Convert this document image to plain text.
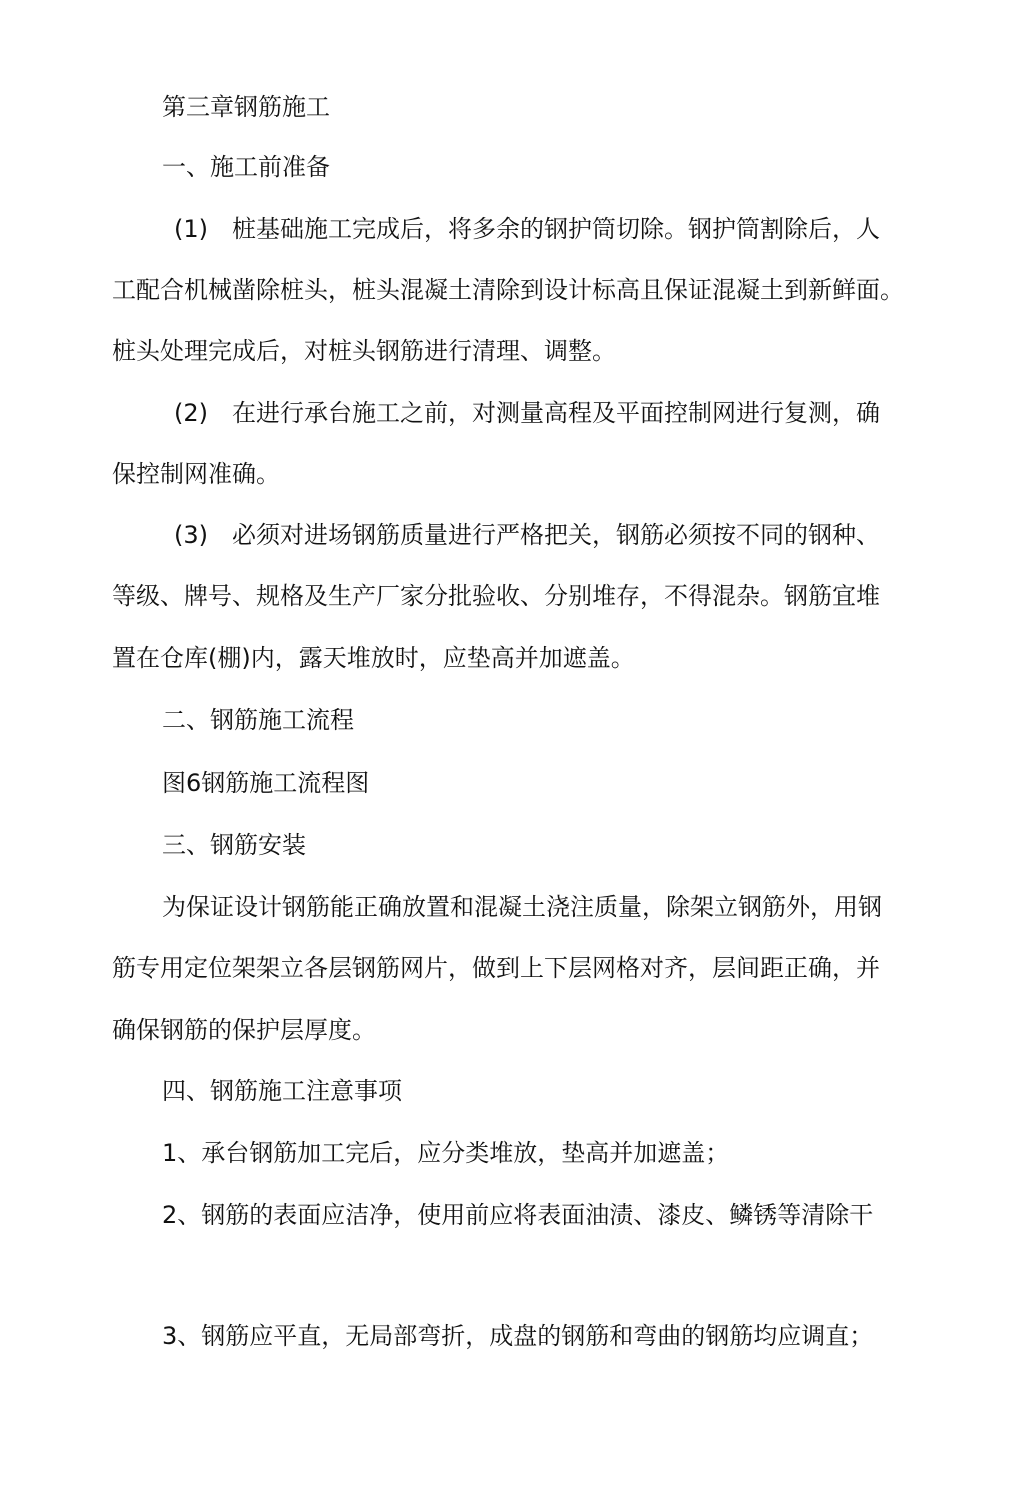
第三章钢筋施工
一、施工前准备
(1)　桩基础施工完成后，将多余的钢护筒切除。钢护筒割除后，人
工配合机械凿除桩头，桩头混凝土清除到设计标高且保证混凝土到新鲜面。
桩头处理完成后，对桩头钢筋进行清理、调整。
(2)　在进行承台施工之前，对测量高程及平面控制网进行复测，确
保控制网准确。
(3)　必须对进场钢筋质量进行严格把关，钢筋必须按不同的钢种、
等级、牌号、规格及生产厂家分批验收、分别堆存，不得混杂。钢筋宜堆
置在仓库(棚)内，露天堆放时，应垫高并加遮盖。
二、钢筋施工流程
图6钢筋施工流程图
三、钢筋安装
为保证设计钢筋能正确放置和混凝土浇注质量，除架立钢筋外，用钢
筋专用定位架架立各层钢筋网片，做到上下层网格对齐，层间距正确，并
确保钢筋的保护层厚度。
四、钢筋施工注意事项
1、承台钢筋加工完后，应分类堆放，垫高并加遮盖；
2、钢筋的表面应洁净，使用前应将表面油渍、漆皮、鳞锈等清除干
3、钢筋应平直，无局部弯折，成盘的钢筋和弯曲的钢筋均应调直；
